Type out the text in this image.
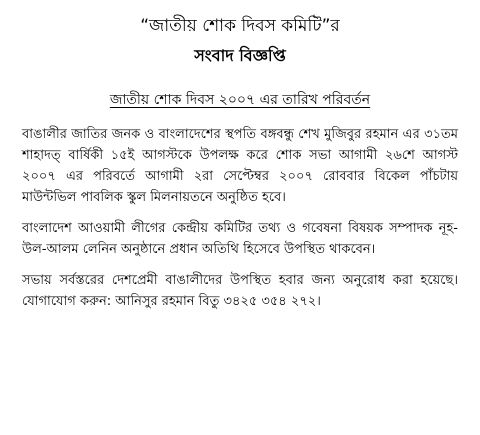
“জাতীয় শোক দিবস কমিটি”র
সংবাদ বিজ্ঞপ্তি
জাতীয় শোক দিবস ২০০৭ এর তারিখ পরিবর্তন

বাঙালীর জাতির জনক ও বাংলাদেশের স্থপতি বঙ্গবন্ধু শেখ মুজিবুর রহমান এর ৩১তম শাহাদত্‌ বার্ষিকী ১৫ই আগস্টকে উপলক্ষ করে শোক সভা আগামী ২৬শে আগস্ট ২০০৭ এর পরিবর্তে আগামী ২রা সেপ্টেম্বর ২০০৭ রোববার বিকেল পাঁচটায় মাউন্টভিল পাবলিক স্কুল মিলনায়তনে অনুষ্ঠিত হবে।

বাংলাদেশ আওয়ামী লীগের কেন্দ্রীয় কমিটির তথ্য ও গবেষনা বিষয়ক সম্পাদক নূহ-উল-আলম লেনিন অনুষ্ঠানে প্রধান অতিথি হিসেবে উপস্থিত থাকবেন।

সভায় সর্বস্তরের দেশপ্রেমী বাঙালীদের উপস্থিত হবার জন্য অনুরোধ করা হয়েছে। যোগাযোগ করুন: আনিসুর রহমান বিতু ৩৪২৫ ৩৫৪ ২৭২।
